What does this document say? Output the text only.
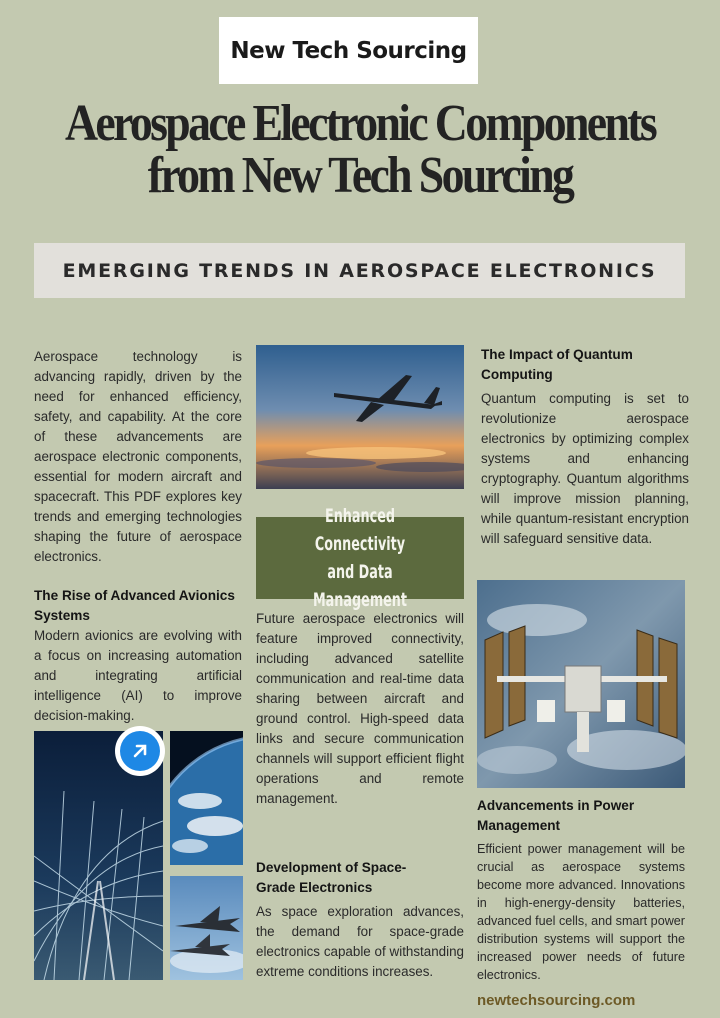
New Tech Sourcing
Aerospace Electronic Components
from New Tech Sourcing
EMERGING TRENDS IN AEROSPACE ELECTRONICS
Aerospace technology is advancing rapidly, driven by the need for enhanced efficiency, safety, and capability. At the core of these advancements are aerospace electronic components, essential for modern aircraft and spacecraft. This PDF explores key trends and emerging technologies shaping the future of aerospace electronics.
The Rise of Advanced Avionics Systems
Modern avionics are evolving with a focus on increasing automation and integrating artificial intelligence (AI) to improve decision-making.
Enhanced Connectivity
and Data Management
Future aerospace electronics will feature improved connectivity, including advanced satellite communication and real-time data sharing between aircraft and ground control. High-speed data links and secure communication channels will support efficient flight operations and remote management.
Development of Space-Grade Electronics
As space exploration advances, the demand for space-grade electronics capable of withstanding extreme conditions increases.
The Impact of Quantum Computing
Quantum computing is set to revolutionize aerospace electronics by optimizing complex systems and enhancing cryptography. Quantum algorithms will improve mission planning, while quantum-resistant encryption will safeguard sensitive data.
Advancements in Power Management
Efficient power management will be crucial as aerospace systems become more advanced. Innovations in high-energy-density batteries, advanced fuel cells, and smart power distribution systems will support the increased power needs of future electronics.
newtechsourcing.com
